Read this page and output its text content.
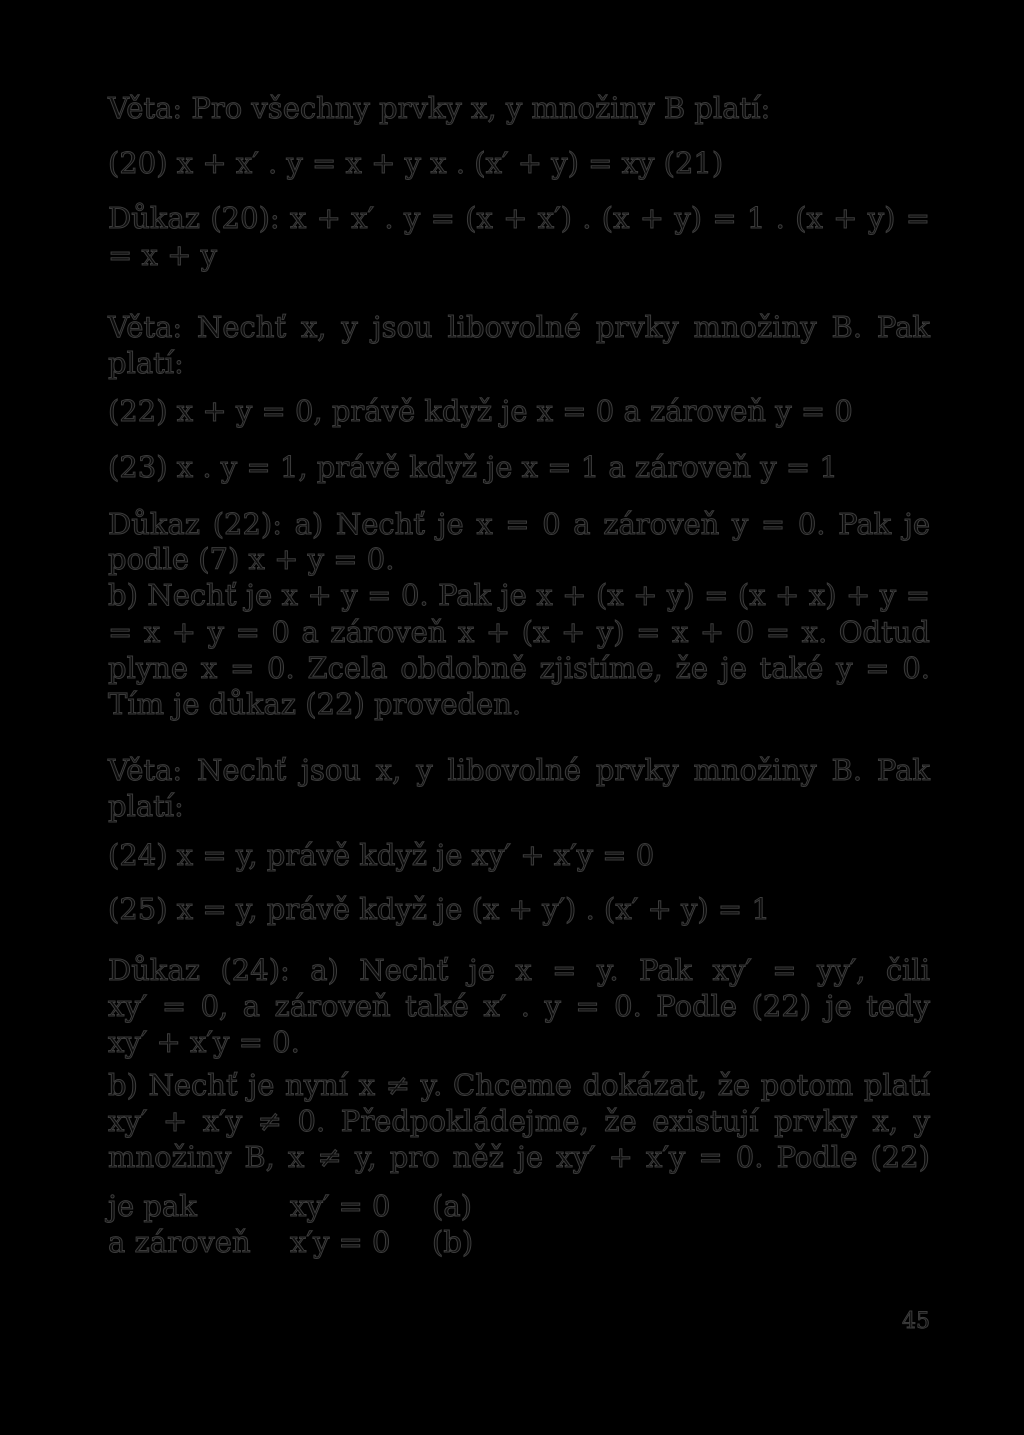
Věta: Pro všechny prvky x, y množiny B platí:

(20) x + x′ . y = x + y x . (x′ + y) = xy (21)

Důkaz (20): x + x′ . y = (x + x′) . (x + y) = 1 . (x + y) =

= x + y

Věta: Nechť x, y jsou libovolné prvky množiny B. Pak

platí:

(22) x + y = 0, právě když je x = 0 a zároveň y = 0

(23) x . y = 1, právě když je x = 1 a zároveň y = 1

Důkaz (22): a) Nechť je x = 0 a zároveň y = 0. Pak je

podle (7) x + y = 0.

b) Nechť je x + y = 0. Pak je x + (x + y) = (x + x) + y =

= x + y = 0 a zároveň x + (x + y) = x + 0 = x. Odtud

plyne x = 0. Zcela obdobně zjistíme, že je také y = 0.

Tím je důkaz (22) proveden.

Věta: Nechť jsou x, y libovolné prvky množiny B. Pak

platí:

(24) x = y, právě když je xy′ + x′y = 0

(25) x = y, právě když je (x + y′) . (x′ + y) = 1

Důkaz (24): a) Nechť je x = y. Pak xy′ = yy′, čili

xy′ = 0, a zároveň také x′ . y = 0. Podle (22) je tedy

xy′ + x′y = 0.

b) Nechť je nyní x ≠ y. Chceme dokázat, že potom platí

xy′ + x′y ≠ 0. Předpokládejme, že existují prvky x, y

množiny B, x ≠ y, pro něž je xy′ + x′y = 0. Podle (22)

je pak	xy′ = 0	(a)

a zároveň	x′y = 0	(b)

45
